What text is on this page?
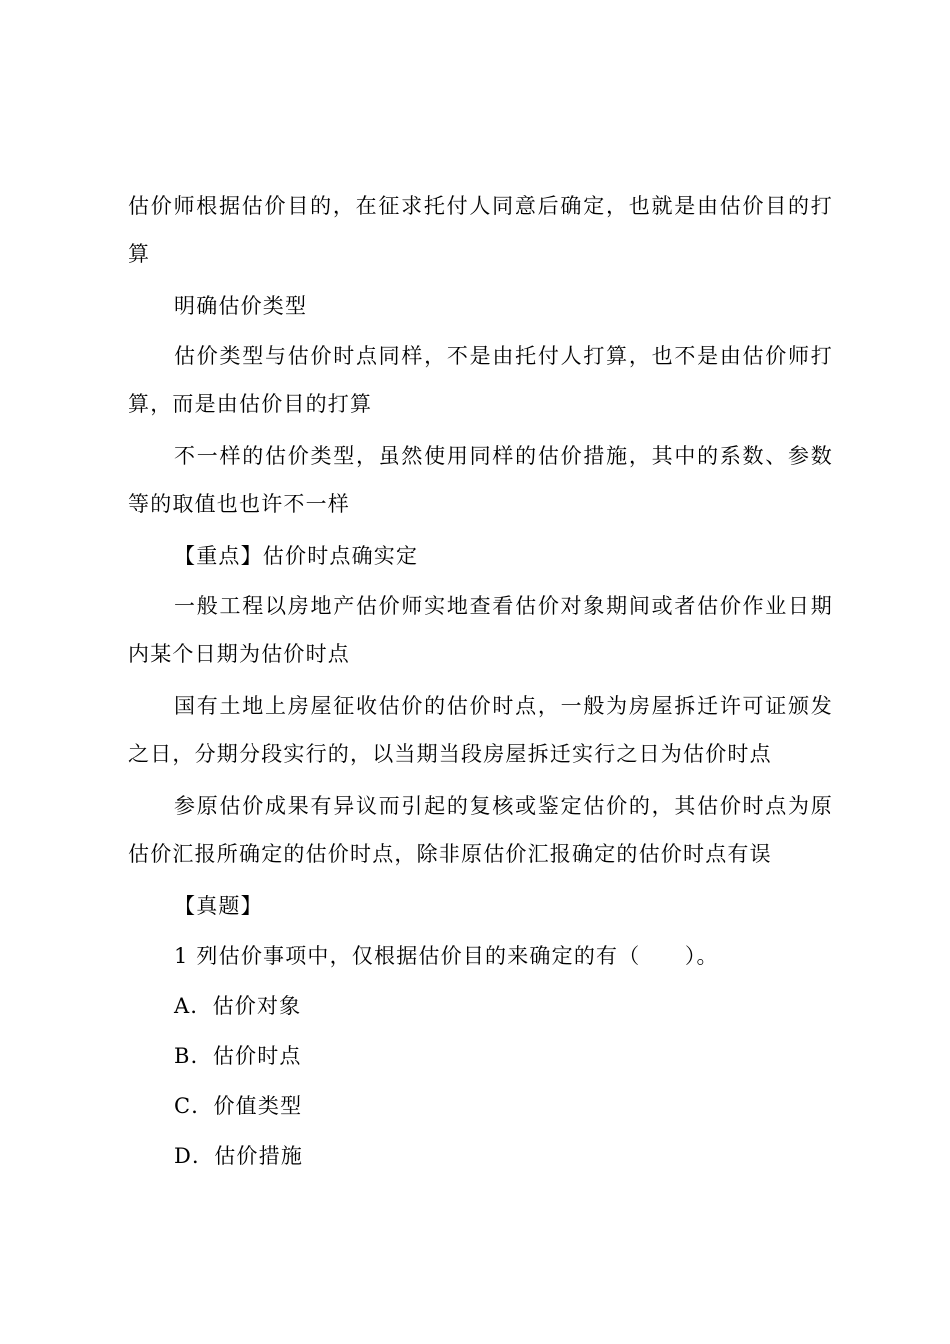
估价师根据估价目的，在征求托付人同意后确定，也就是由估价目的打算

明确估价类型

估价类型与估价时点同样，不是由托付人打算，也不是由估价师打算，而是由估价目的打算

不一样的估价类型，虽然使用同样的估价措施，其中的系数、参数等的取值也也许不一样

【重点】估价时点确实定

一般工程以房地产估价师实地查看估价对象期间或者估价作业日期内某个日期为估价时点

国有土地上房屋征收估价的估价时点，一般为房屋拆迁许可证颁发之日，分期分段实行的，以当期当段房屋拆迁实行之日为估价时点

参原估价成果有异议而引起的复核或鉴定估价的，其估价时点为原估价汇报所确定的估价时点，除非原估价汇报确定的估价时点有误

【真题】

1 列估价事项中，仅根据估价目的来确定的有（　　）。

A．估价对象

B．估价时点

C．价值类型

D．估价措施
